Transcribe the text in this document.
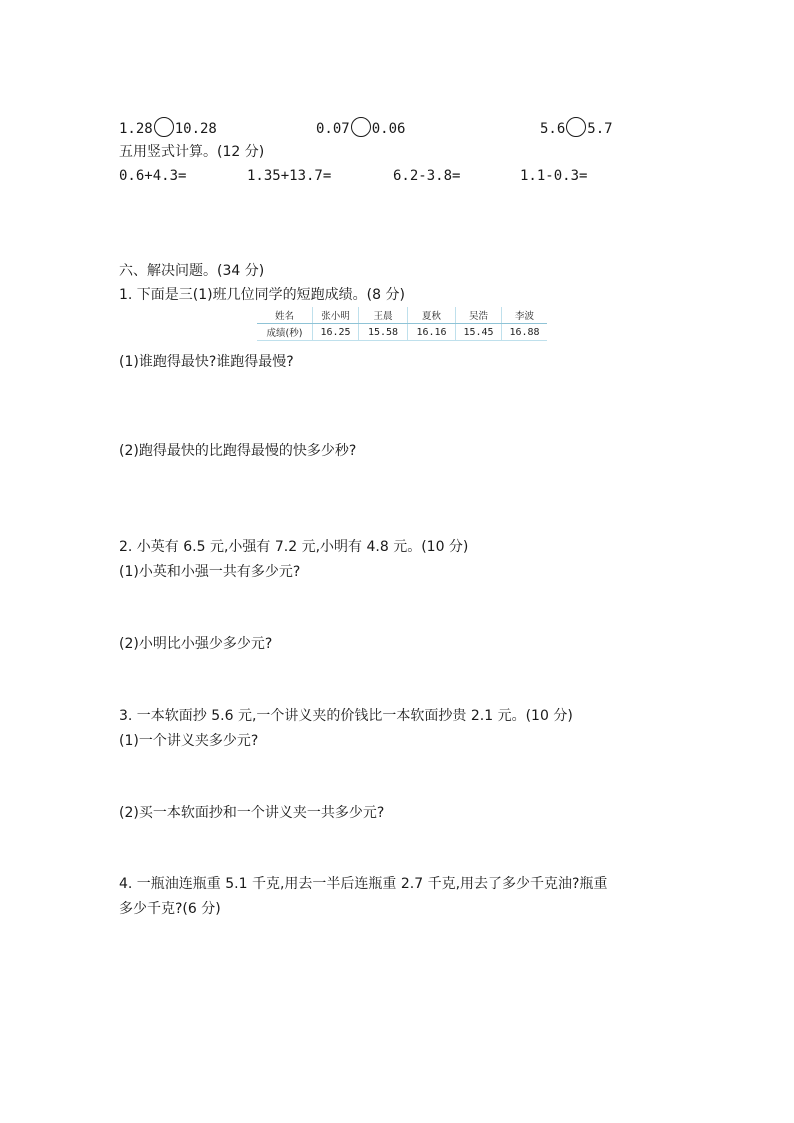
1.28 10.28	0.07 0.06	5.6 5.7
五用竖式计算。(12 分)
0.6+4.3=	1.35+13.7=	6.2-3.8=	1.1-0.3=
六、解决问题。(34 分)
1. 下面是三(1)班几位同学的短跑成绩。(8 分)
姓名	张小明	王晨	夏秋	吴浩	李波
成绩(秒)	16.25	15.58	16.16	15.45	16.88
(1)谁跑得最快?谁跑得最慢?
(2)跑得最快的比跑得最慢的快多少秒?
2. 小英有 6.5 元,小强有 7.2 元,小明有 4.8 元。(10 分)
(1)小英和小强一共有多少元?
(2)小明比小强少多少元?
3. 一本软面抄 5.6 元,一个讲义夹的价钱比一本软面抄贵 2.1 元。(10 分)
(1)一个讲义夹多少元?
(2)买一本软面抄和一个讲义夹一共多少元?
4. 一瓶油连瓶重 5.1 千克,用去一半后连瓶重 2.7 千克,用去了多少千克油?瓶重
多少千克?(6 分)
